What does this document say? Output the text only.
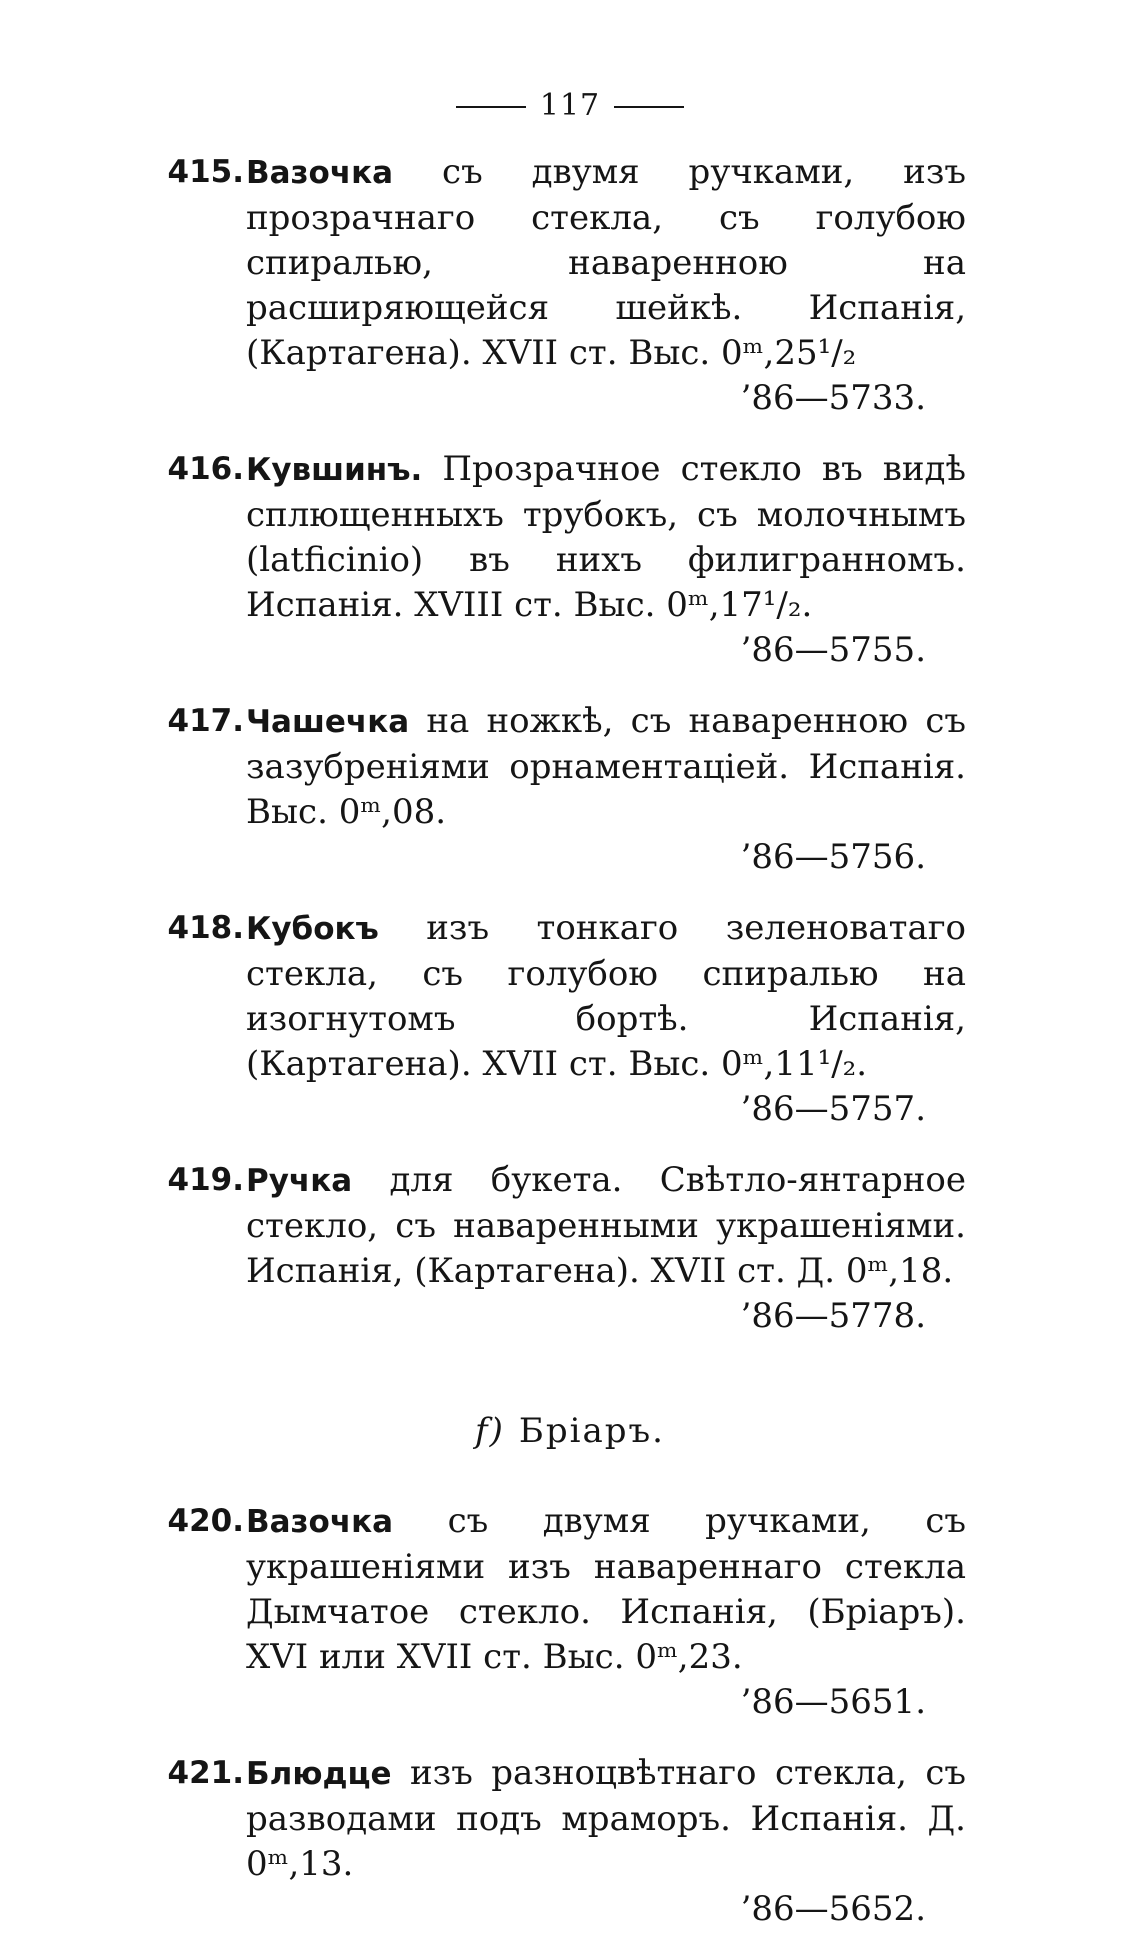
117
415. Вазочка съ двумя ручками, изъ прозрачнаго стекла, съ голубою спиралью, наваренною на расширяющейся шейкѣ. Испанія, (Картагена). XVII ст. Выс. 0ᵐ,25¹/₂
’86—5733.
416. Кувшинъ. Прозрачное стекло въ видѣ сплющенныхъ трубокъ, съ молочнымъ (latficinio) въ нихъ филигранномъ. Испанія. XVIII ст. Выс. 0ᵐ,17¹/₂.
’86—5755.
417. Чашечка на ножкѣ, съ наваренною съ зазубреніями орнаментаціей. Испанія. Выс. 0ᵐ,08.
’86—5756.
418. Кубокъ изъ тонкаго зеленоватаго стекла, съ голубою спиралью на изогнутомъ бортѣ. Испанія, (Картагена). XVII ст. Выс. 0ᵐ,11¹/₂.
’86—5757.
419. Ручка для букета. Свѣтло-янтарное стекло, съ наваренными украшеніями. Испанія, (Картагена). XVII ст. Д. 0ᵐ,18.
’86—5778.
f) Бріаръ.
420. Вазочка съ двумя ручками, съ украшеніями изъ навареннаго стекла Дымчатое стекло. Испанія, (Бріаръ). XVI или XVII ст. Выс. 0ᵐ,23.
’86—5651.
421. Блюдце изъ разноцвѣтнаго стекла, съ разводами подъ мраморъ. Испанія. Д. 0ᵐ,13.
’86—5652.
